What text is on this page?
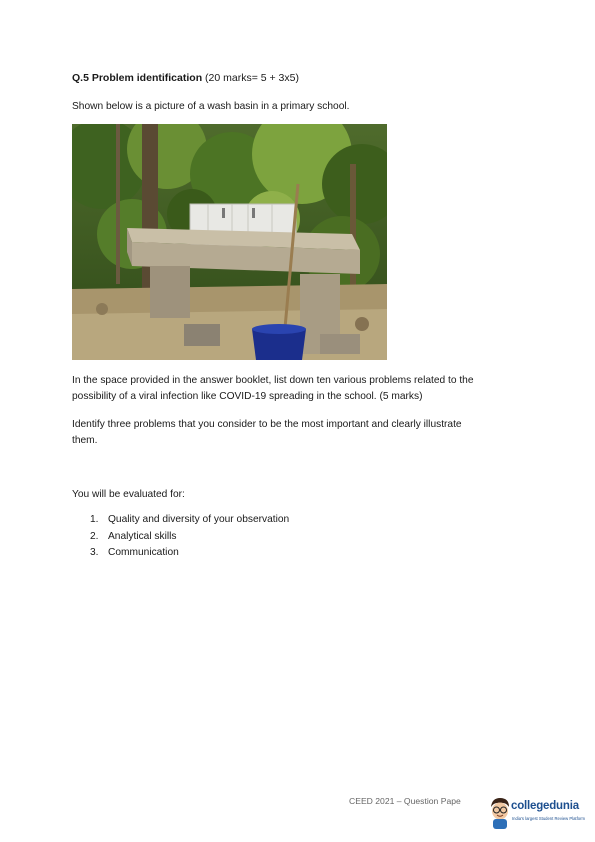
Q.5 Problem identification (20 marks= 5 + 3x5)
Shown below is a picture of a wash basin in a primary school.
In the space provided in the answer booklet, list down ten various problems related to the
possibility of a viral infection like COVID-19 spreading in the school. (5 marks)
Identify three problems that you consider to be the most important and clearly illustrate
them.
You will be evaluated for:
1. Quality and diversity of your observation
2. Analytical skills
3. Communication
CEED 2021 – Question Pape	collegedunia
India's largest Student Review Platform
